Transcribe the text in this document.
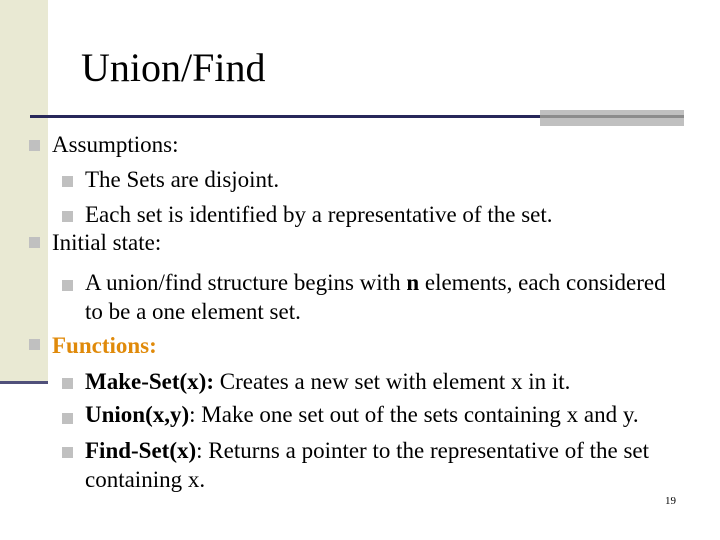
Union/Find
Assumptions:
The Sets are disjoint.
Each set is identified by a representative of the set.
Initial state:
A union/find structure begins with n elements, each considered
to be a one element set.
Functions:
Make-Set(x): Creates a new set with element x in it.
Union(x,y): Make one set out of the sets containing x and y.
Find-Set(x): Returns a pointer to the representative of the set
containing x.
19
